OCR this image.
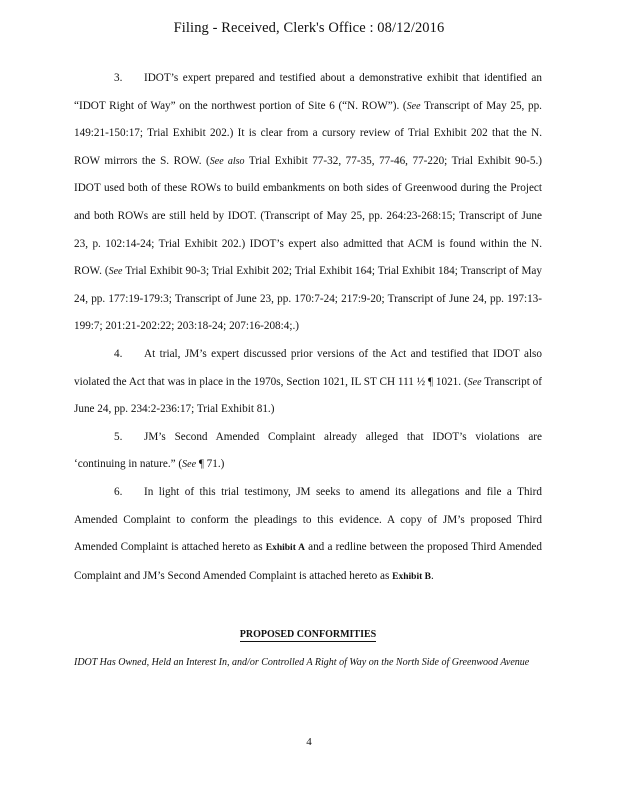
Filing - Received, Clerk's Office : 08/12/2016

3. IDOT’s expert prepared and testified about a demonstrative exhibit that identified an “IDOT Right of Way” on the northwest portion of Site 6 (“N. ROW”). (See Transcript of May 25, pp. 149:21-150:17; Trial Exhibit 202.) It is clear from a cursory review of Trial Exhibit 202 that the N. ROW mirrors the S. ROW. (See also Trial Exhibit 77-32, 77-35, 77-46, 77-220; Trial Exhibit 90-5.) IDOT used both of these ROWs to build embankments on both sides of Greenwood during the Project and both ROWs are still held by IDOT. (Transcript of May 25, pp. 264:23-268:15; Transcript of June 23, p. 102:14-24; Trial Exhibit 202.) IDOT’s expert also admitted that ACM is found within the N. ROW. (See Trial Exhibit 90-3; Trial Exhibit 202; Trial Exhibit 164; Trial Exhibit 184; Transcript of May 24, pp. 177:19-179:3; Transcript of June 23, pp. 170:7-24; 217:9-20; Transcript of June 24, pp. 197:13-199:7; 201:21-202:22; 203:18-24; 207:16-208:4;.)

4. At trial, JM’s expert discussed prior versions of the Act and testified that IDOT also violated the Act that was in place in the 1970s, Section 1021, IL ST CH 111 ½ ¶ 1021. (See Transcript of June 24, pp. 234:2-236:17; Trial Exhibit 81.)

5. JM’s Second Amended Complaint already alleged that IDOT’s violations are ‘continuing in nature.” (See ¶ 71.)

6. In light of this trial testimony, JM seeks to amend its allegations and file a Third Amended Complaint to conform the pleadings to this evidence. A copy of JM’s proposed Third Amended Complaint is attached hereto as Exhibit A and a redline between the proposed Third Amended Complaint and JM’s Second Amended Complaint is attached hereto as Exhibit B.

PROPOSED CONFORMITIES
IDOT Has Owned, Held an Interest In, and/or Controlled A Right of Way on the North Side of Greenwood Avenue
4
